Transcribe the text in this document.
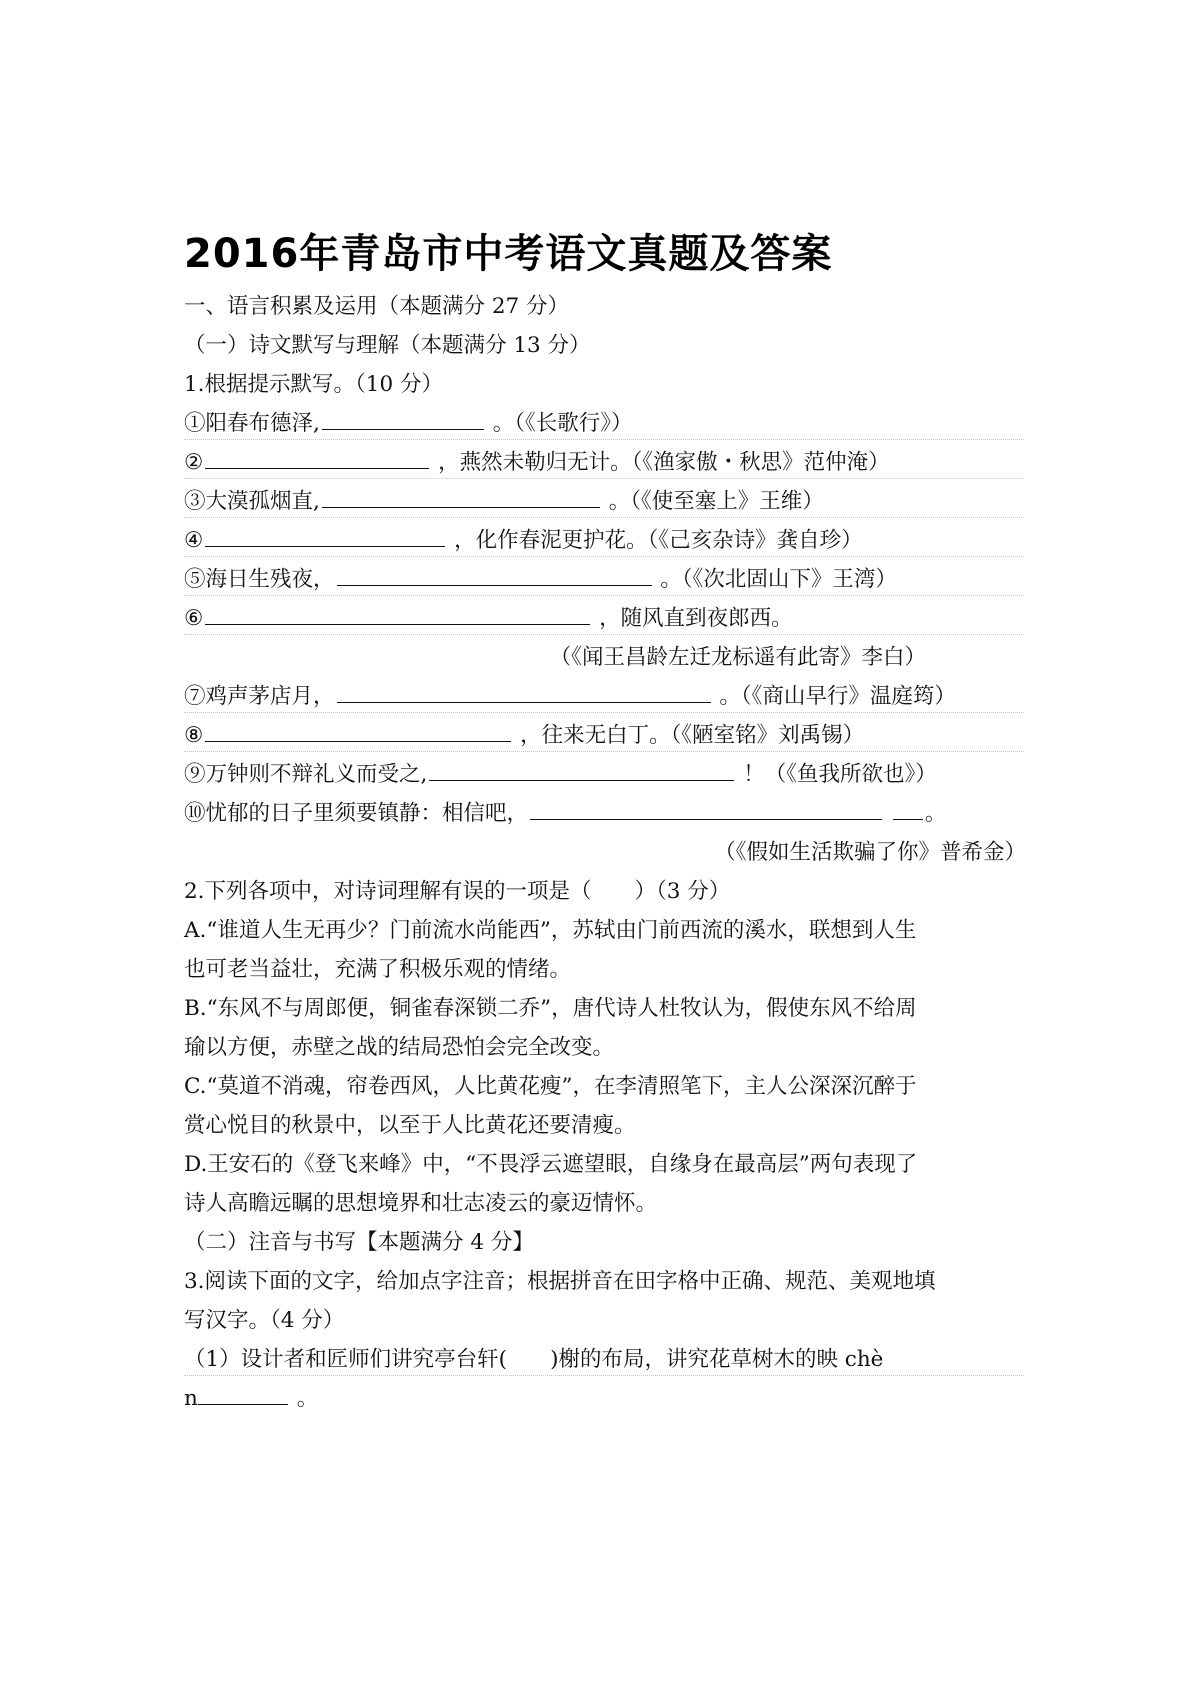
2016年青岛市中考语文真题及答案
一、语言积累及运用（本题满分 27 分）
（一）诗文默写与理解（本题满分 13 分）
1.根据提示默写。（10 分）
①阳春布德泽,	。（《长歌行》）
②	，燕然未勒归无计。（《渔家傲・秋思》范仲淹）
③大漠孤烟直,	。（《使至塞上》王维）
④	，化作春泥更护花。（《己亥杂诗》龚自珍）
⑤海日生残夜，	。（《次北固山下》王湾）
⑥	，随风直到夜郎西。
（《闻王昌龄左迁龙标遥有此寄》李白）
⑦鸡声茅店月，	。（《商山早行》温庭筠）
⑧	，往来无白丁。（《陋室铭》刘禹锡）
⑨万钟则不辩礼义而受之,	！（《鱼我所欲也》）
⑩忧郁的日子里须要镇静：相信吧，	。
（《假如生活欺骗了你》普希金）
2.下列各项中，对诗词理解有误的一项是（　　）（3 分）
A.“谁道人生无再少？门前流水尚能西”，苏轼由门前西流的溪水，联想到人生
也可老当益壮，充满了积极乐观的情绪。
B.“东风不与周郎便，铜雀春深锁二乔”，唐代诗人杜牧认为，假使东风不给周
瑜以方便，赤壁之战的结局恐怕会完全改变。
C.“莫道不消魂，帘卷西风，人比黄花瘦”，在李清照笔下，主人公深深沉醉于
赏心悦目的秋景中，以至于人比黄花还要清瘦。
D.王安石的《登飞来峰》中，“不畏浮云遮望眼，自缘身在最高层”两句表现了
诗人高瞻远瞩的思想境界和壮志凌云的豪迈情怀。
（二）注音与书写【本题满分 4 分】
3.阅读下面的文字，给加点字注音；根据拼音在田字格中正确、规范、美观地填
写汉字。（4 分）
（1）设计者和匠师们讲究亭台轩(　　)榭的布局，讲究花草树木的映 chè
n	。
